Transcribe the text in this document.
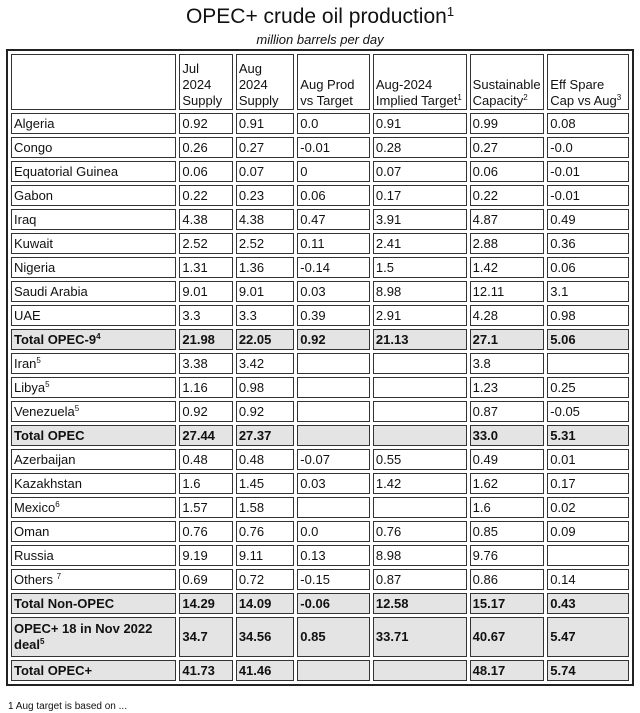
OPEC+ crude oil production$^1$
million barrels per day
	Jul 2024 Supply	Aug 2024 Supply	Aug Prod vs Target	Aug-2024 Implied Target$^1$	Sustainable Capacity$^2$	Eff Spare Cap vs Aug$^3$
Algeria	0.92	0.91	0.0	0.91	0.99	0.08
Congo	0.26	0.27	-0.01	0.28	0.27	-0.0
Equatorial Guinea	0.06	0.07	0	0.07	0.06	-0.01
Gabon	0.22	0.23	0.06	0.17	0.22	-0.01
Iraq	4.38	4.38	0.47	3.91	4.87	0.49
Kuwait	2.52	2.52	0.11	2.41	2.88	0.36
Nigeria	1.31	1.36	-0.14	1.5	1.42	0.06
Saudi Arabia	9.01	9.01	0.03	8.98	12.11	3.1
UAE	3.3	3.3	0.39	2.91	4.28	0.98
Total OPEC-$9^4$	21.98	22.05	0.92	21.13	27.1	5.06
Iran$^5$	3.38	3.42			3.8	
Libya$^5$	1.16	0.98			1.23	0.25
Venezuela$^5$	0.92	0.92			0.87	-0.05
Total OPEC	27.44	27.37			33.0	5.31
Azerbaijan	0.48	0.48	-0.07	0.55	0.49	0.01
Kazakhstan	1.6	1.45	0.03	1.42	1.62	0.17
Mexico$^6$	1.57	1.58			1.6	0.02
Oman	0.76	0.76	0.0	0.76	0.85	0.09
Russia	9.19	9.11	0.13	8.98	9.76	
Others $^7$	0.69	0.72	-0.15	0.87	0.86	0.14
Total Non-OPEC	14.29	14.09	-0.06	12.58	15.17	0.43
OPEC+ 18 in Nov 2022 deal$^5$	34.7	34.56	0.85	33.71	40.67	5.47
Total OPEC+	41.73	41.46			48.17	5.74
1 Aug target is based on ...
